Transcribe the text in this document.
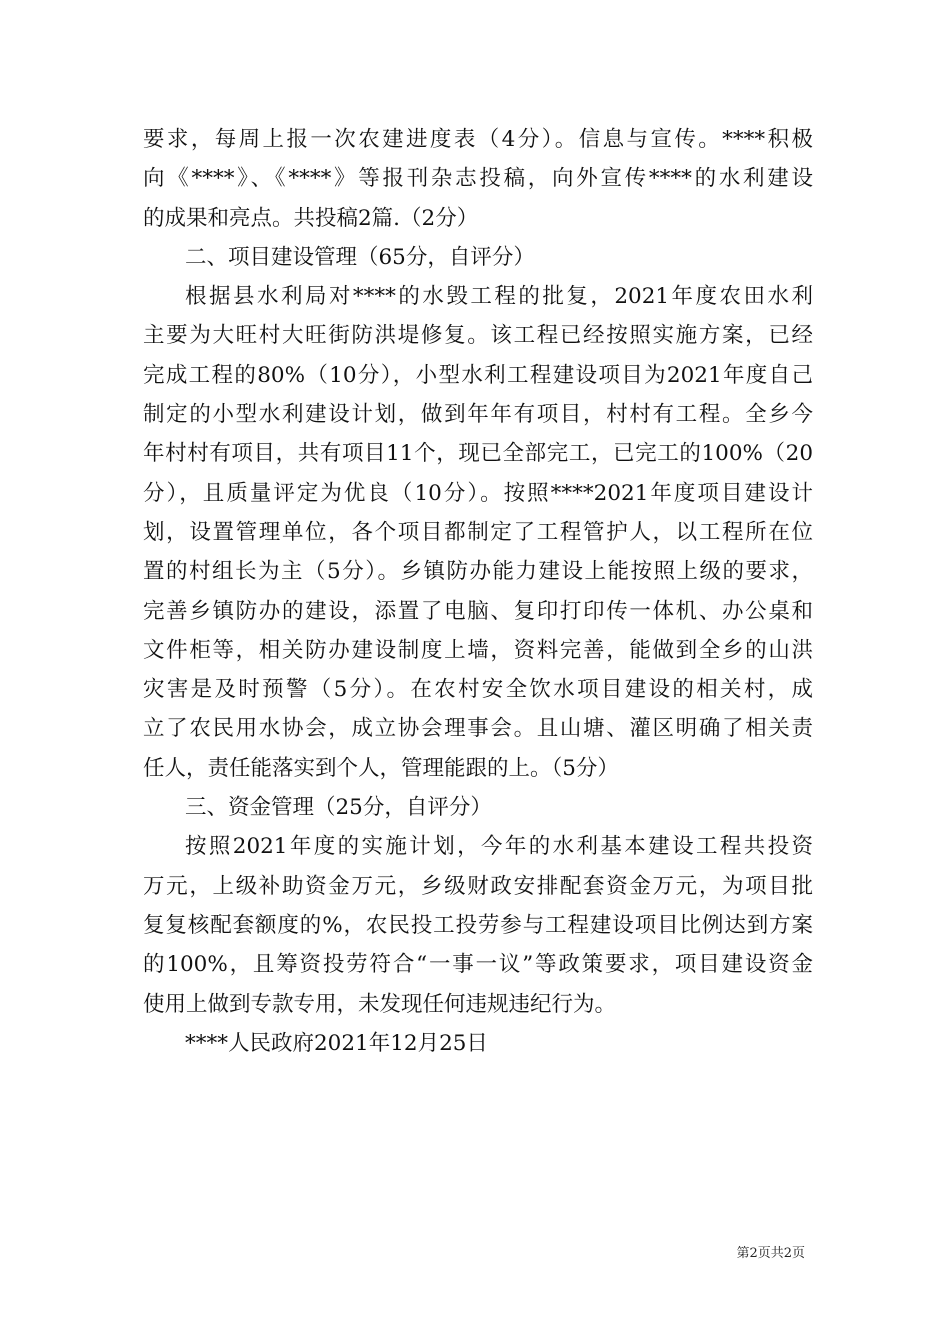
要求，每周上报一次农建进度表（4分）。信息与宣传。****积极
向《****》、《****》等报刊杂志投稿，向外宣传****的水利建设
的成果和亮点。共投稿2篇.（2分）
二、项目建设管理（65分，自评分）
根据县水利局对****的水毁工程的批复，2021年度农田水利
主要为大旺村大旺街防洪堤修复。该工程已经按照实施方案，已经
完成工程的80%（10分），小型水利工程建设项目为2021年度自己
制定的小型水利建设计划，做到年年有项目，村村有工程。全乡今
年村村有项目，共有项目11个，现已全部完工，已完工的100%（20
分），且质量评定为优良（10分）。按照****2021年度项目建设计
划，设置管理单位，各个项目都制定了工程管护人，以工程所在位
置的村组长为主（5分）。乡镇防办能力建设上能按照上级的要求，
完善乡镇防办的建设，添置了电脑、复印打印传一体机、办公桌和
文件柜等，相关防办建设制度上墙，资料完善，能做到全乡的山洪
灾害是及时预警（5分）。在农村安全饮水项目建设的相关村，成
立了农民用水协会，成立协会理事会。且山塘、灌区明确了相关责
任人，责任能落实到个人，管理能跟的上。（5分）
三、资金管理（25分，自评分）
按照2021年度的实施计划，今年的水利基本建设工程共投资
万元，上级补助资金万元，乡级财政安排配套资金万元，为项目批
复复核配套额度的%，农民投工投劳参与工程建设项目比例达到方案
的100%，且筹资投劳符合“一事一议”等政策要求，项目建设资金
使用上做到专款专用，未发现任何违规违纪行为。
****人民政府2021年12月25日
第2页共2页
